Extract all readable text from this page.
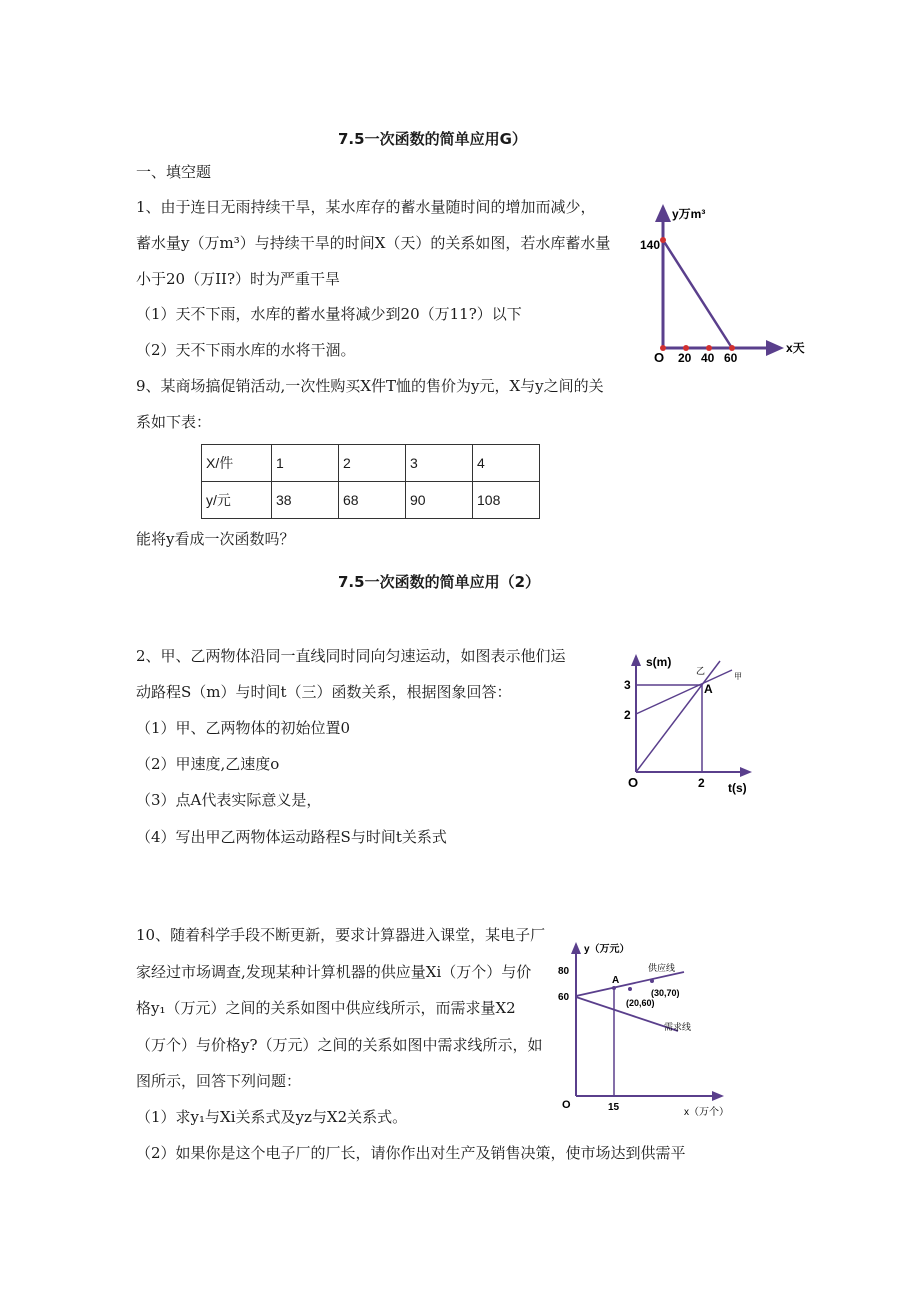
7.5一次函数的简单应用G）
一、填空题
1、由于连日无雨持续干旱，某水库存的蓄水量随时间的增加而减少，
蓄水量y（万m³）与持续干旱的时间X（天）的关系如图，若水库蓄水量
小于20（万II?）时为严重干旱
（1）天不下雨，水库的蓄水量将减少到20（万11?）以下
（2）天不下雨水库的水将干涸。
y万m³
x天
140
O 20 40 60
9、某商场搞促销活动,一次性购买X件T恤的售价为y元，X与y之间的关
系如下表：
X/件	1	2	3	4
y/元	38	68	90	108
能将y看成一次函数吗？
7.5一次函数的简单应用（2）
2、甲、乙两物体沿同一直线同时同向匀速运动，如图表示他们运
动路程S（m）与时间t（三）函数关系，根据图象回答：
（1）甲、乙两物体的初始位置0
（2）甲速度,乙速度o
（3）点A代表实际意义是，
（4）写出甲乙两物体运动路程S与时间t关系式
s(m)
t(s)
3
2
2
O
A
乙
甲
10、随着科学手段不断更新，要求计算器进入课堂，某电子厂
家经过市场调查,发现某种计算机器的供应量Xi（万个）与价
格y₁（万元）之间的关系如图中供应线所示，而需求量X2
（万个）与价格y?（万元）之间的关系如图中需求线所示，如
图所示，回答下列问题：
（1）求y₁与Xi关系式及yz与X2关系式。
（2）如果你是这个电子厂的厂长，请你作出对生产及销售决策，使市场达到供需平
y（万元）
80
60
O	15	x（万个）
A
供应线
(30,70)
(20,60)
需求线
